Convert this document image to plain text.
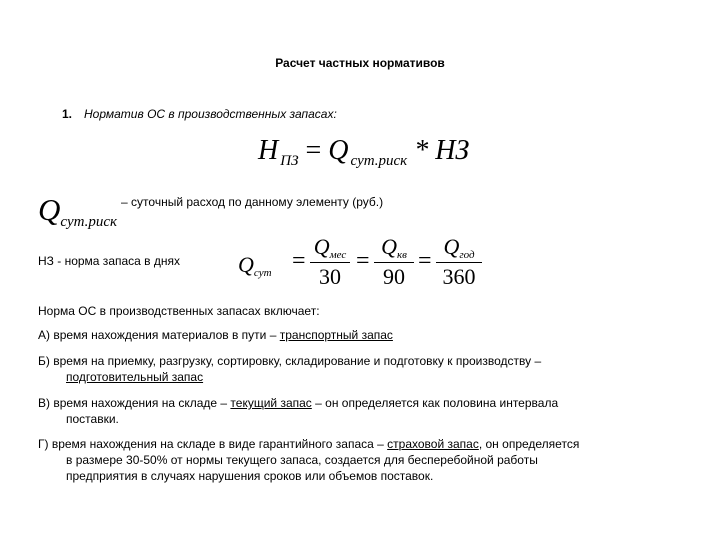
Расчет частных нормативов
1. Норматив ОС в производственных запасах:
Н $_{ПЗ}$ = Q $_{сут.риск}$ * НЗ
$Q_{сут.риск}$ $^{- суточный расход по данному элементу (руб.)}$
НЗ - норма запаса в днях	$Q_{сут}$ =
$Q_{мес}$
30
=
$Q_{кв}$
90
=
$Q_{год}$
360
Норма ОС в производственных запасах включает:
А) время нахождения материалов в пути – транспортный запас
Б) время на приемку, разгрузку, сортировку, складирование и подготовку к производству –
подготовительный запас
В) время нахождения на складе – текущий запас – он определяется как половина интервала
поставки.
Г) время нахождения на складе в виде гарантийного запаса – страховой запас, он определяется
в размере 30-50% от нормы текущего запаса, создается для бесперебойной работы
предприятия в случаях нарушения сроков или объемов поставок.
